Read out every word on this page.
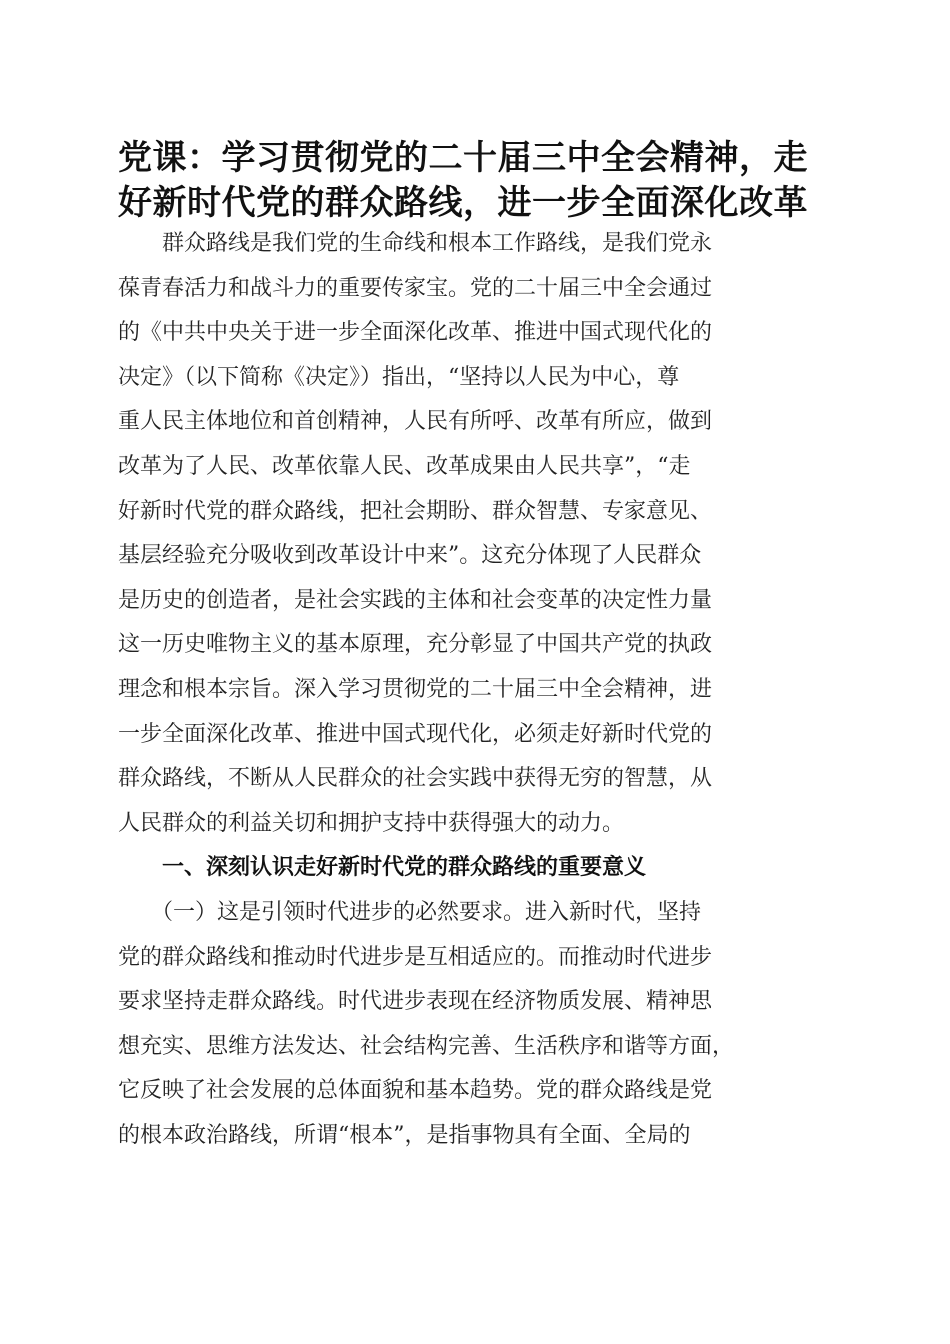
党课：学习贯彻党的二十届三中全会精神，走
好新时代党的群众路线，进一步全面深化改革
　　群众路线是我们党的生命线和根本工作路线，是我们党永
葆青春活力和战斗力的重要传家宝。党的二十届三中全会通过
的《中共中央关于进一步全面深化改革、推进中国式现代化的
决定》（以下简称《决定》）指出，“坚持以人民为中心，尊
重人民主体地位和首创精神，人民有所呼、改革有所应，做到
改革为了人民、改革依靠人民、改革成果由人民共享”，“走
好新时代党的群众路线，把社会期盼、群众智慧、专家意见、
基层经验充分吸收到改革设计中来”。这充分体现了人民群众
是历史的创造者，是社会实践的主体和社会变革的决定性力量
这一历史唯物主义的基本原理，充分彰显了中国共产党的执政
理念和根本宗旨。深入学习贯彻党的二十届三中全会精神，进
一步全面深化改革、推进中国式现代化，必须走好新时代党的
群众路线，不断从人民群众的社会实践中获得无穷的智慧，从
人民群众的利益关切和拥护支持中获得强大的动力。
　　一、深刻认识走好新时代党的群众路线的重要意义
　　（一）这是引领时代进步的必然要求。进入新时代，坚持
党的群众路线和推动时代进步是互相适应的。而推动时代进步
要求坚持走群众路线。时代进步表现在经济物质发展、精神思
想充实、思维方法发达、社会结构完善、生活秩序和谐等方面，
它反映了社会发展的总体面貌和基本趋势。党的群众路线是党
的根本政治路线，所谓“根本”，是指事物具有全面、全局的
